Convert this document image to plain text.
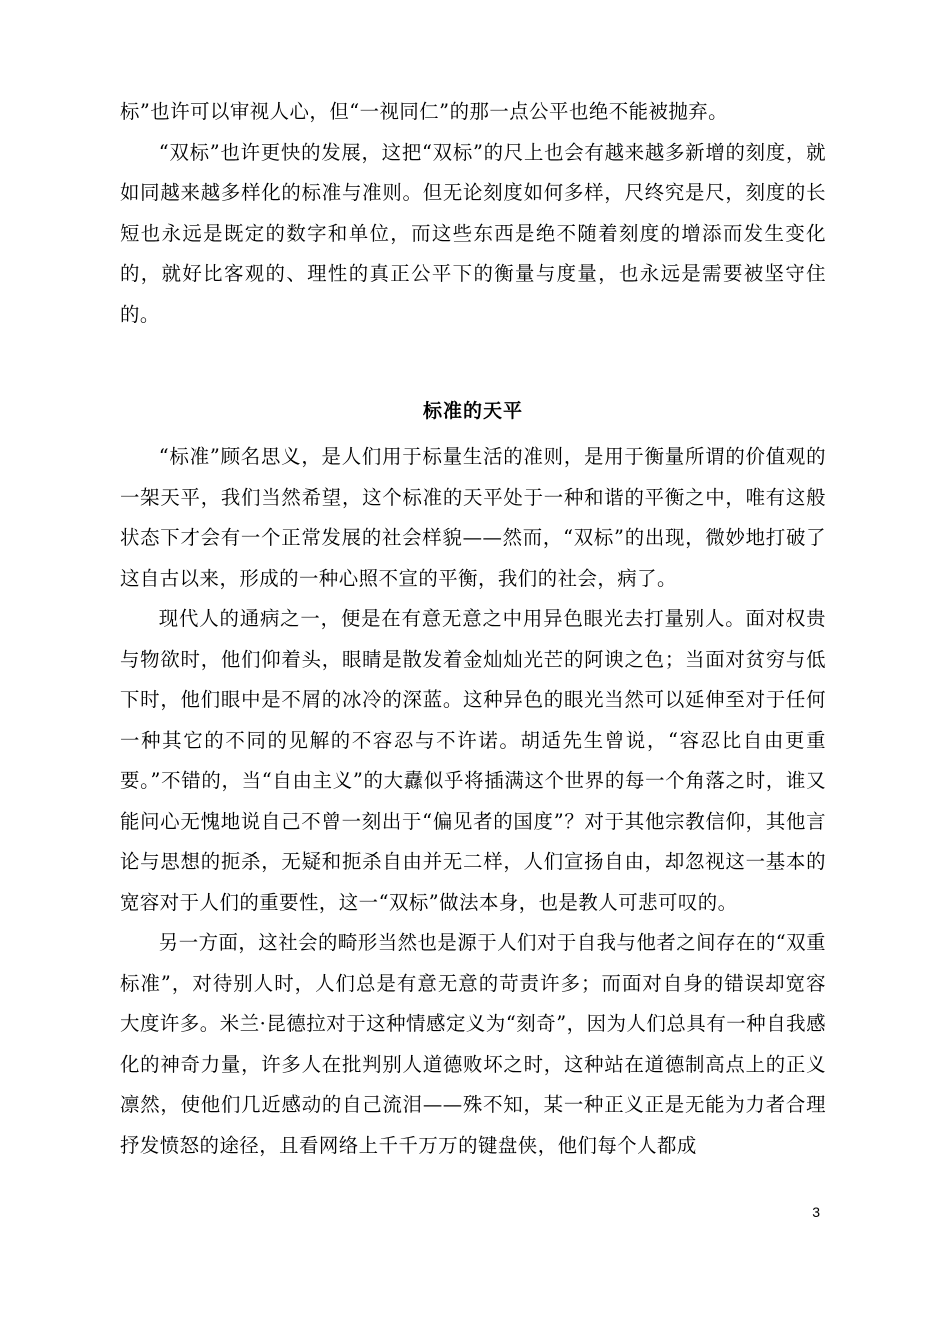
标”也许可以审视人心，但“一视同仁”的那一点公平也绝不能被抛弃。

“双标”也许更快的发展，这把“双标”的尺上也会有越来越多新增的刻度，就如同越来越多样化的标准与准则。但无论刻度如何多样，尺终究是尺，刻度的长短也永远是既定的数字和单位，而这些东西是绝不随着刻度的增添而发生变化的，就好比客观的、理性的真正公平下的衡量与度量，也永远是需要被坚守住的。

标准的天平

“标准”顾名思义，是人们用于标量生活的准则，是用于衡量所谓的价值观的一架天平，我们当然希望，这个标准的天平处于一种和谐的平衡之中，唯有这般状态下才会有一个正常发展的社会样貌——然而，“双标”的出现，微妙地打破了这自古以来，形成的一种心照不宣的平衡，我们的社会，病了。

现代人的通病之一，便是在有意无意之中用异色眼光去打量别人。面对权贵与物欲时，他们仰着头，眼睛是散发着金灿灿光芒的阿谀之色；当面对贫穷与低下时，他们眼中是不屑的冰冷的深蓝。这种异色的眼光当然可以延伸至对于任何一种其它的不同的见解的不容忍与不许诺。胡适先生曾说，“容忍比自由更重要。”不错的，当“自由主义”的大纛似乎将插满这个世界的每一个角落之时，谁又能问心无愧地说自己不曾一刻出于“偏见者的国度”？对于其他宗教信仰，其他言论与思想的扼杀，无疑和扼杀自由并无二样，人们宣扬自由，却忽视这一基本的宽容对于人们的重要性，这一“双标”做法本身，也是教人可悲可叹的。

另一方面，这社会的畸形当然也是源于人们对于自我与他者之间存在的“双重标准”，对待别人时，人们总是有意无意的苛责许多；而面对自身的错误却宽容大度许多。米兰·昆德拉对于这种情感定义为“刻奇”，因为人们总具有一种自我感化的神奇力量，许多人在批判别人道德败坏之时，这种站在道德制高点上的正义凛然，使他们几近感动的自己流泪——殊不知，某一种正义正是无能为力者合理抒发愤怒的途径，且看网络上千千万万的键盘侠，他们每个人都成

3
